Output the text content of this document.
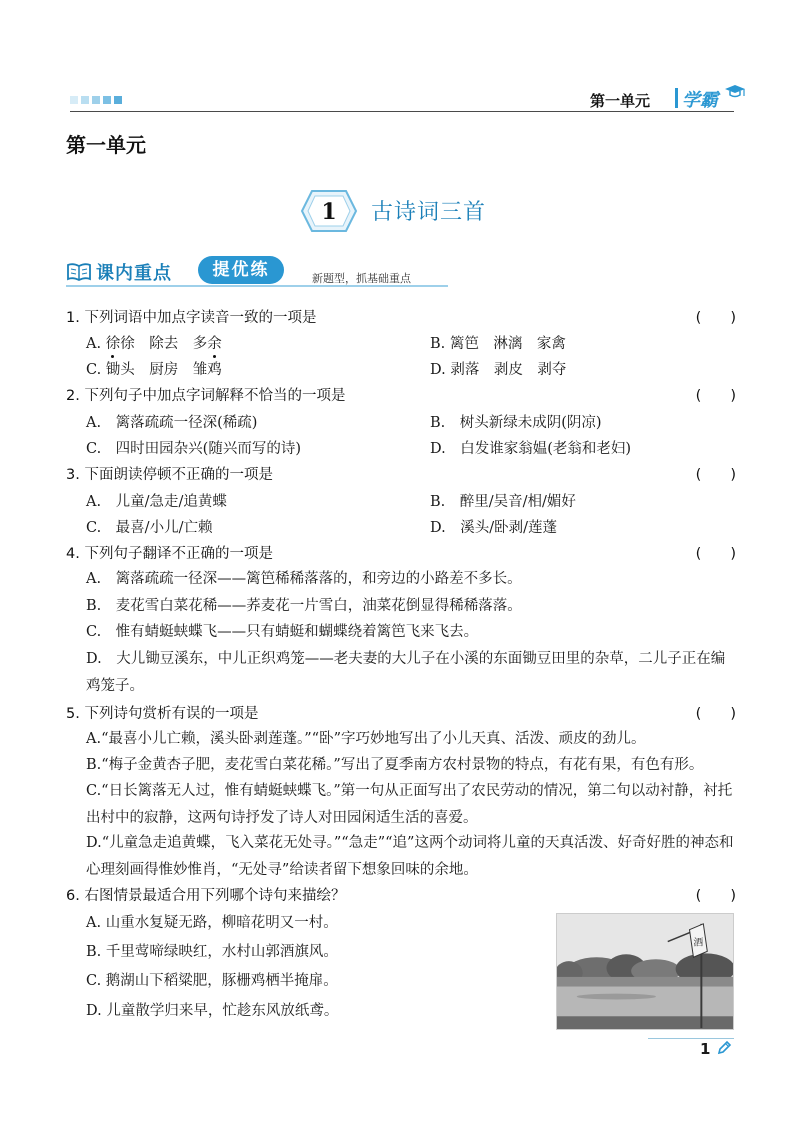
第一单元 学霸
第一单元
1 古诗词三首
课内重点	提优练	新题型，抓基础重点
1. 下列词语中加点字读音一致的一项是	(　　)
A. 徐徐　除去　多余	B. 篱笆　淋漓　家禽
C. 锄头　厨房　雏鸡	D. 剥落　剥皮　剥夺
2. 下列句子中加点字词解释不恰当的一项是	(　　)
A.　篱落疏疏一径深(稀疏)	B.　树头新绿未成阴(阴凉)
C.　四时田园杂兴(随兴而写的诗)	D.　白发谁家翁媪(老翁和老妇)
3. 下面朗读停顿不正确的一项是	(　　)
A.　儿童/急走/追黄蝶	B.　醉里/吴音/相/媚好
C.　最喜/小儿/亡赖	D.　溪头/卧剥/莲蓬
4. 下列句子翻译不正确的一项是	(　　)
A.　篱落疏疏一径深——篱笆稀稀落落的，和旁边的小路差不多长。
B.　麦花雪白菜花稀——荞麦花一片雪白，油菜花倒显得稀稀落落。
C.　惟有蜻蜓蛱蝶飞——只有蜻蜓和蝴蝶绕着篱笆飞来飞去。
D.　大儿锄豆溪东，中儿正织鸡笼——老夫妻的大儿子在小溪的东面锄豆田里的杂草，二儿子正在编鸡笼子。
5. 下列诗句赏析有误的一项是	(　　)
A.“最喜小儿亡赖，溪头卧剥莲蓬。”“卧”字巧妙地写出了小儿天真、活泼、顽皮的劲儿。
B.“梅子金黄杏子肥，麦花雪白菜花稀。”写出了夏季南方农村景物的特点，有花有果，有色有形。
C.“日长篱落无人过，惟有蜻蜓蛱蝶飞。”第一句从正面写出了农民劳动的情况，第二句以动衬静，衬托出村中的寂静，这两句诗抒发了诗人对田园闲适生活的喜爱。
D.“儿童急走追黄蝶，飞入菜花无处寻。”“急走”“追”这两个动词将儿童的天真活泼、好奇好胜的神态和心理刻画得惟妙惟肖，“无处寻”给读者留下想象回味的余地。
6. 右图情景最适合用下列哪个诗句来描绘？	(　　)
A. 山重水复疑无路，柳暗花明又一村。
B. 千里莺啼绿映红，水村山郭酒旗风。
C. 鹅湖山下稻粱肥，豚栅鸡栖半掩扉。
D. 儿童散学归来早，忙趁东风放纸鸢。
酒
1
